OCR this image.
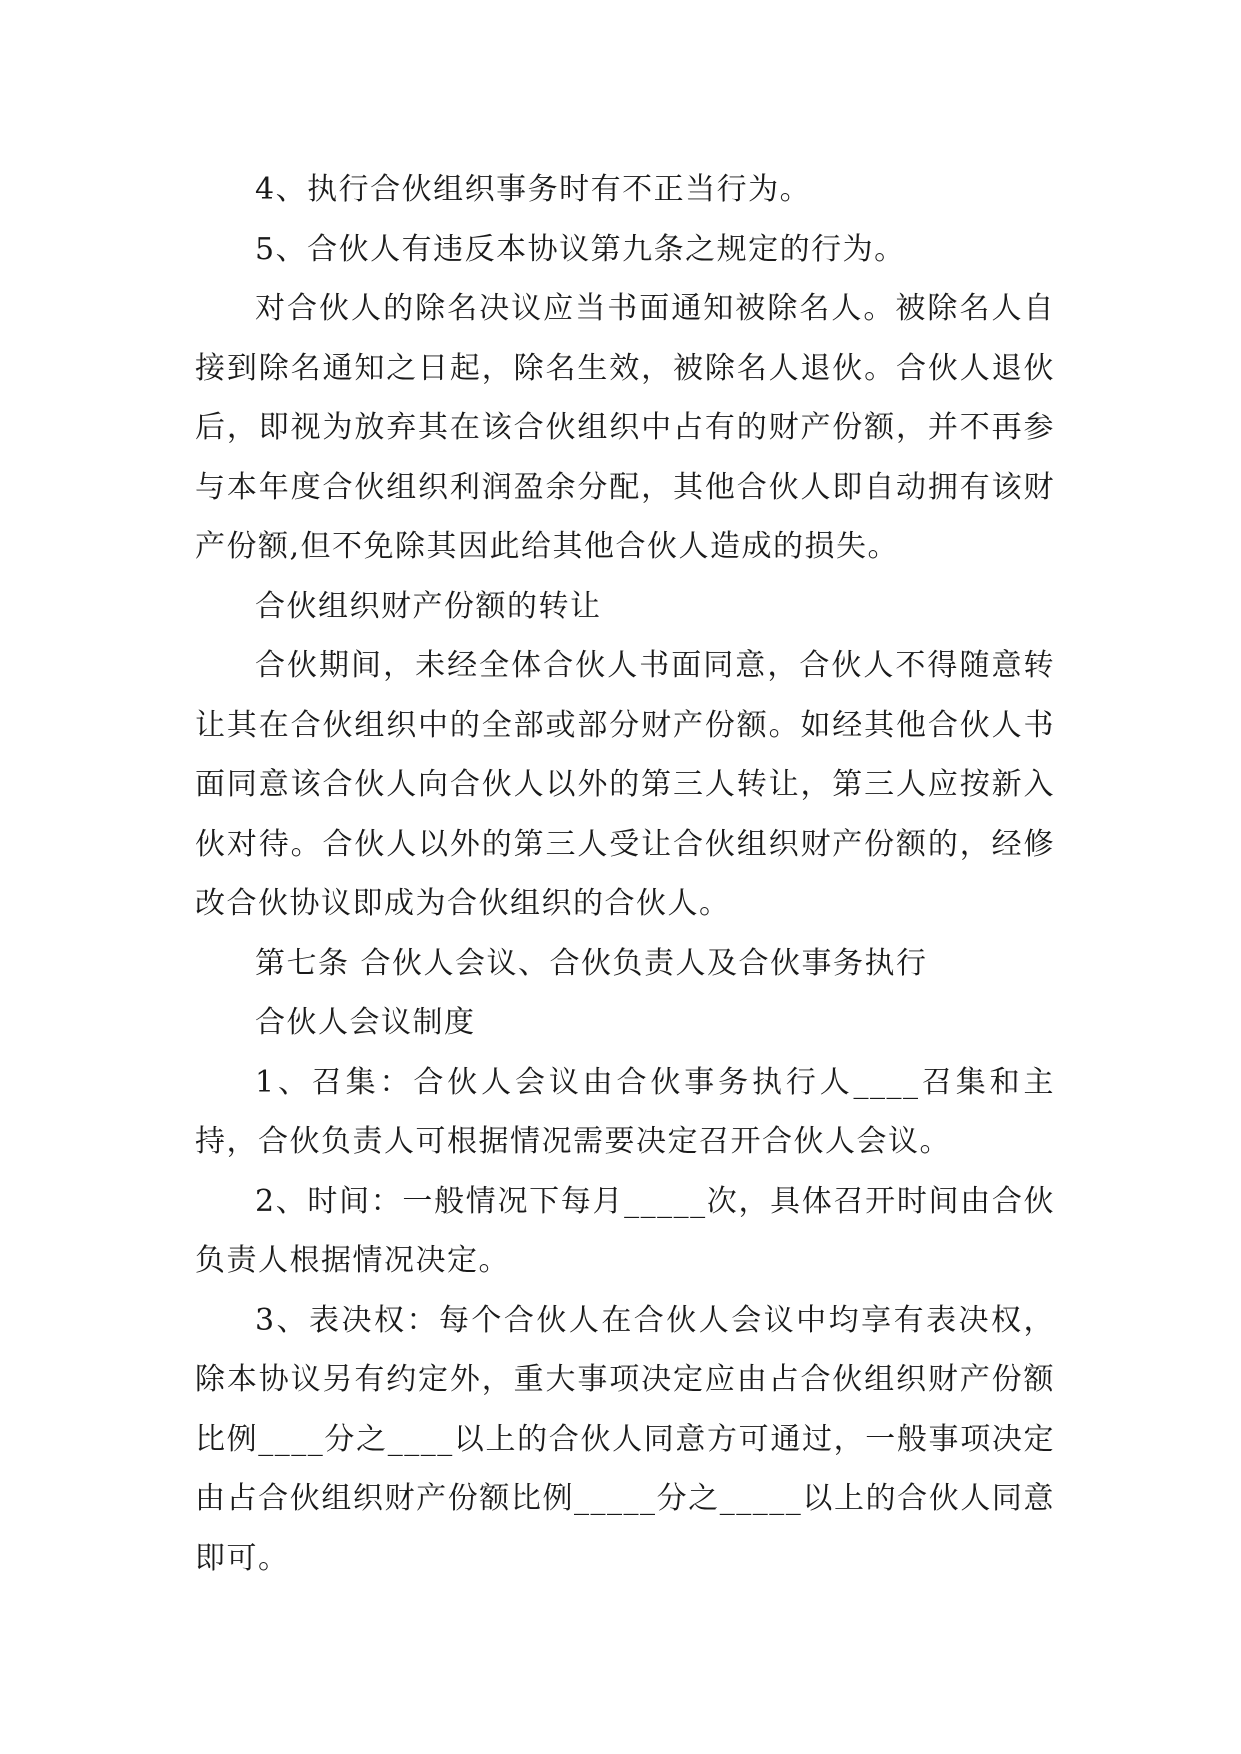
4、执行合伙组织事务时有不正当行为。

5、合伙人有违反本协议第九条之规定的行为。

对合伙人的除名决议应当书面通知被除名人。被除名人自接到除名通知之日起，除名生效，被除名人退伙。合伙人退伙后，即视为放弃其在该合伙组织中占有的财产份额，并不再参与本年度合伙组织利润盈余分配，其他合伙人即自动拥有该财产份额,但不免除其因此给其他合伙人造成的损失。

合伙组织财产份额的转让

合伙期间，未经全体合伙人书面同意，合伙人不得随意转让其在合伙组织中的全部或部分财产份额。如经其他合伙人书面同意该合伙人向合伙人以外的第三人转让，第三人应按新入伙对待。合伙人以外的第三人受让合伙组织财产份额的，经修改合伙协议即成为合伙组织的合伙人。

第七条 合伙人会议、合伙负责人及合伙事务执行

合伙人会议制度

1、召集：合伙人会议由合伙事务执行人____召集和主持，合伙负责人可根据情况需要决定召开合伙人会议。

2、时间：一般情况下每月_____次，具体召开时间由合伙负责人根据情况决定。

3、表决权：每个合伙人在合伙人会议中均享有表决权，除本协议另有约定外，重大事项决定应由占合伙组织财产份额比例____分之____以上的合伙人同意方可通过，一般事项决定由占合伙组织财产份额比例_____分之_____以上的合伙人同意即可。
